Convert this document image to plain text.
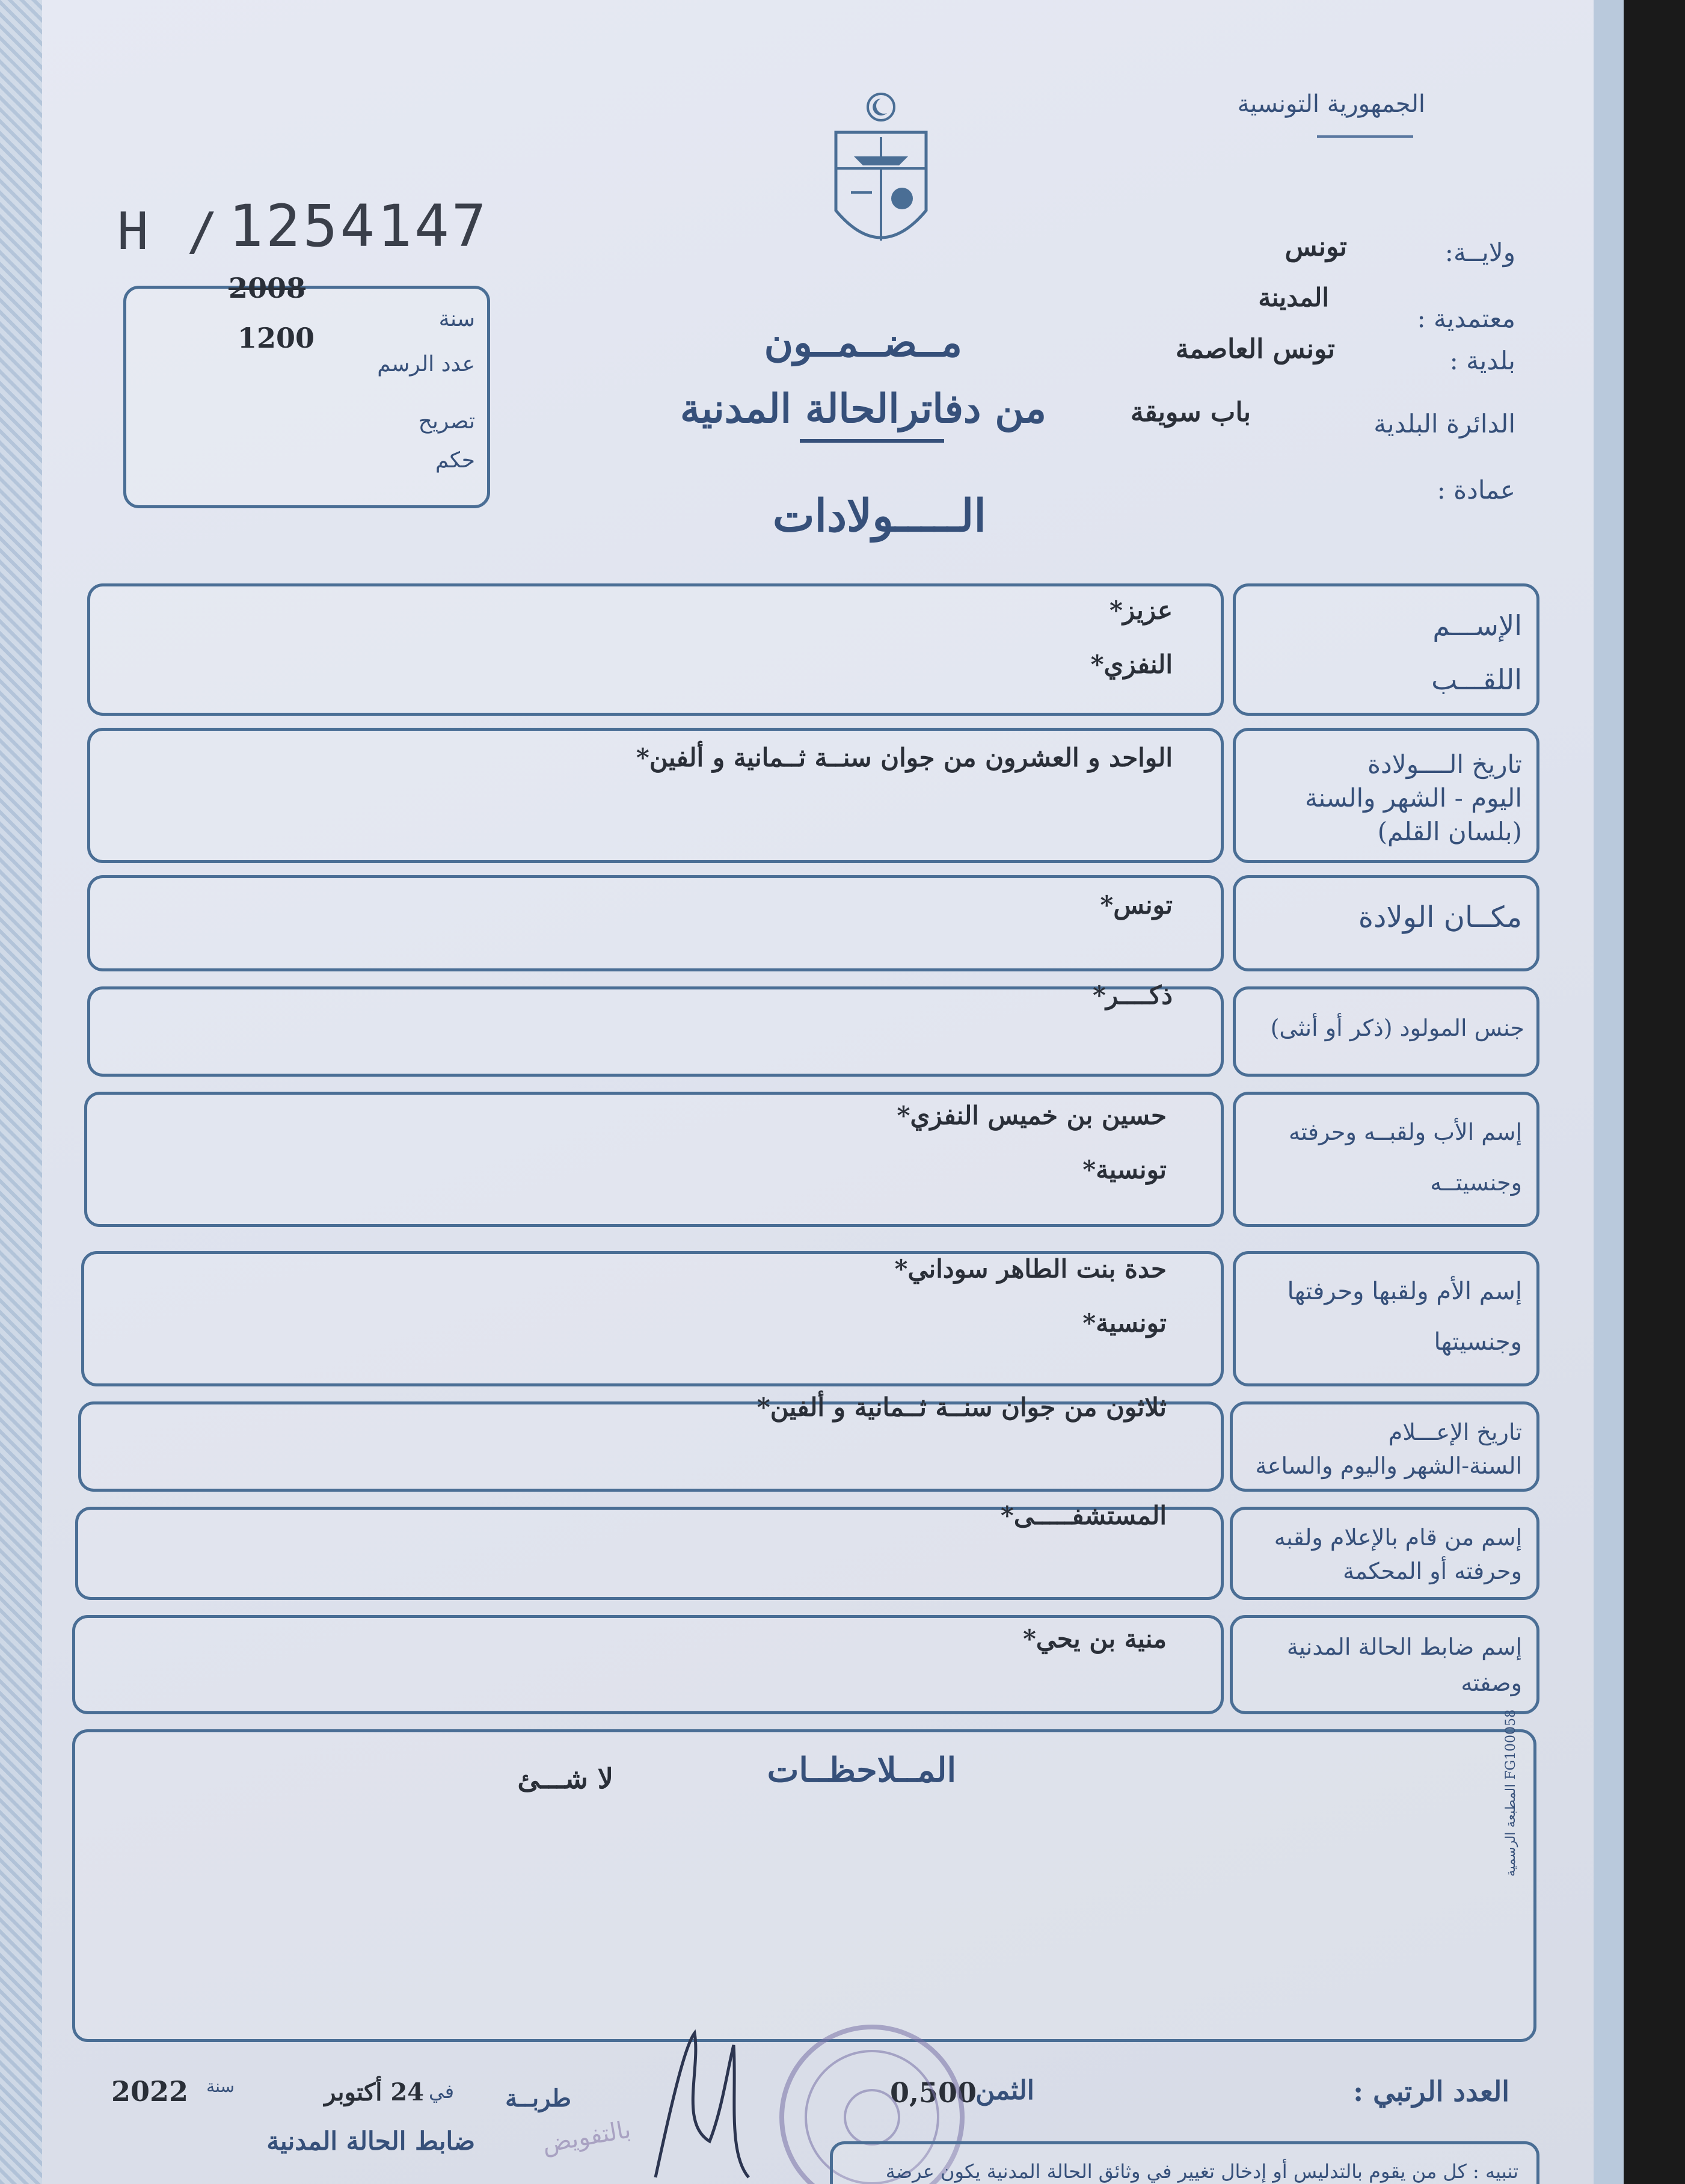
الجمهورية التونسية
H / 1254147
2008
سنة
1200
عدد الرسم
تصريح
حكم
ولايــة:
تونس
معتمدية :
المدينة
بلدية :
تونس العاصمة
الدائرة البلدية
باب سويقة
عمادة :
مــضــمــون
من دفاترالحالة المدنية
الـــــولادات
الإســـم
اللقـــب
عزيز*
النفزي*
تاريخ الــــولادة
اليوم - الشهر والسنة
(بلسان القلم)
الواحد و العشرون من جوان سنــة ثــمانية و ألفين*
مكــان الولادة
تونس*
جنس المولود (ذكر أو أنثى)
ذكــــر*
إسم الأب ولقبــه وحرفته
وجنسيتــه
حسين بن خميس النفزي*
تونسية*
إسم الأم ولقبها وحرفتها
وجنسيتها
حدة بنت الطاهر سوداني*
تونسية*
تاريخ الإعـــلام
السنة-الشهر واليوم والساعة
ثلاثون من جوان سنــة ثــمانية و ألفين*
إسم من قام بالإعلام ولقبه
وحرفته أو المحكمة
المستشفـــــى*
إسم ضابط الحالة المدنية
وصفته
منية بن يحي*
المــلاحظــات
لا شـــئ
المطبعة الرسمية FG100058
العدد الرتبي :
الثمن :
0,500
طربــة
في
24 أكتوبر
سنة
2022
ضابط الحالة المدنية	بالتفويض
تنبيه : كل من يقوم بالتدليس أو إدخال تغيير في وثائق الحالة المدنية يكون عرضة
